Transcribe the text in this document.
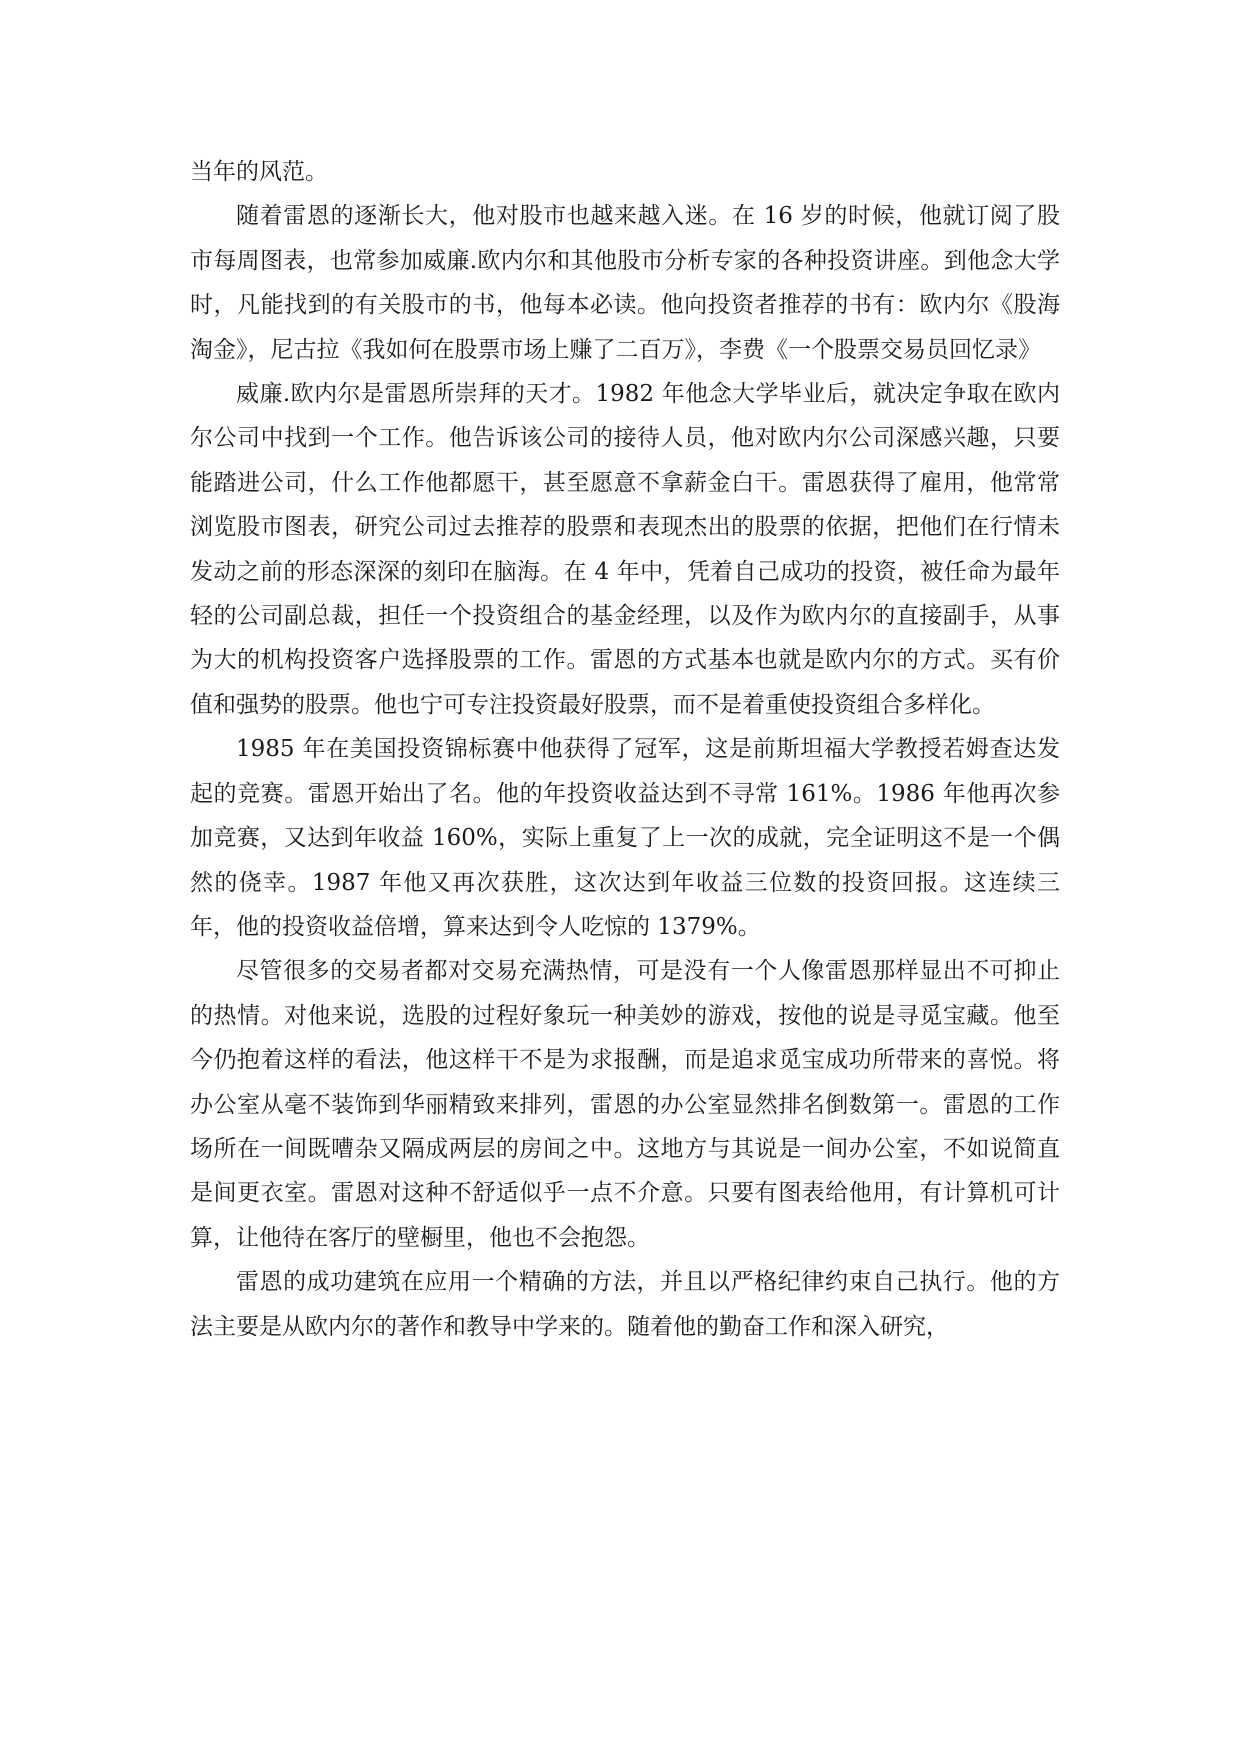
当年的风范。

随着雷恩的逐渐长大，他对股市也越来越入迷。在 16 岁的时候，他就订阅了股市每周图表，也常参加威廉.欧内尔和其他股市分析专家的各种投资讲座。到他念大学时，凡能找到的有关股市的书，他每本必读。他向投资者推荐的书有：欧内尔《股海淘金》，尼古拉《我如何在股票市场上赚了二百万》，李费《一个股票交易员回忆录》

威廉.欧内尔是雷恩所崇拜的天才。1982 年他念大学毕业后，就决定争取在欧内尔公司中找到一个工作。他告诉该公司的接待人员，他对欧内尔公司深感兴趣，只要能踏进公司，什么工作他都愿干，甚至愿意不拿薪金白干。雷恩获得了雇用，他常常浏览股市图表，研究公司过去推荐的股票和表现杰出的股票的依据，把他们在行情未发动之前的形态深深的刻印在脑海。在 4 年中，凭着自己成功的投资，被任命为最年轻的公司副总裁，担任一个投资组合的基金经理，以及作为欧内尔的直接副手，从事为大的机构投资客户选择股票的工作。雷恩的方式基本也就是欧内尔的方式。买有价值和强势的股票。他也宁可专注投资最好股票，而不是着重使投资组合多样化。

1985 年在美国投资锦标赛中他获得了冠军，这是前斯坦福大学教授若姆查达发起的竞赛。雷恩开始出了名。他的年投资收益达到不寻常 161%。1986 年他再次参加竞赛，又达到年收益 160%，实际上重复了上一次的成就，完全证明这不是一个偶然的侥幸。1987 年他又再次获胜，这次达到年收益三位数的投资回报。这连续三年，他的投资收益倍增，算来达到令人吃惊的 1379%。

尽管很多的交易者都对交易充满热情，可是没有一个人像雷恩那样显出不可抑止的热情。对他来说，选股的过程好象玩一种美妙的游戏，按他的说是寻觅宝藏。他至今仍抱着这样的看法，他这样干不是为求报酬，而是追求觅宝成功所带来的喜悦。将办公室从毫不装饰到华丽精致来排列，雷恩的办公室显然排名倒数第一。雷恩的工作场所在一间既嘈杂又隔成两层的房间之中。这地方与其说是一间办公室，不如说简直是间更衣室。雷恩对这种不舒适似乎一点不介意。只要有图表给他用，有计算机可计算，让他待在客厅的壁橱里，他也不会抱怨。

雷恩的成功建筑在应用一个精确的方法，并且以严格纪律约束自己执行。他的方法主要是从欧内尔的著作和教导中学来的。随着他的勤奋工作和深入研究，
